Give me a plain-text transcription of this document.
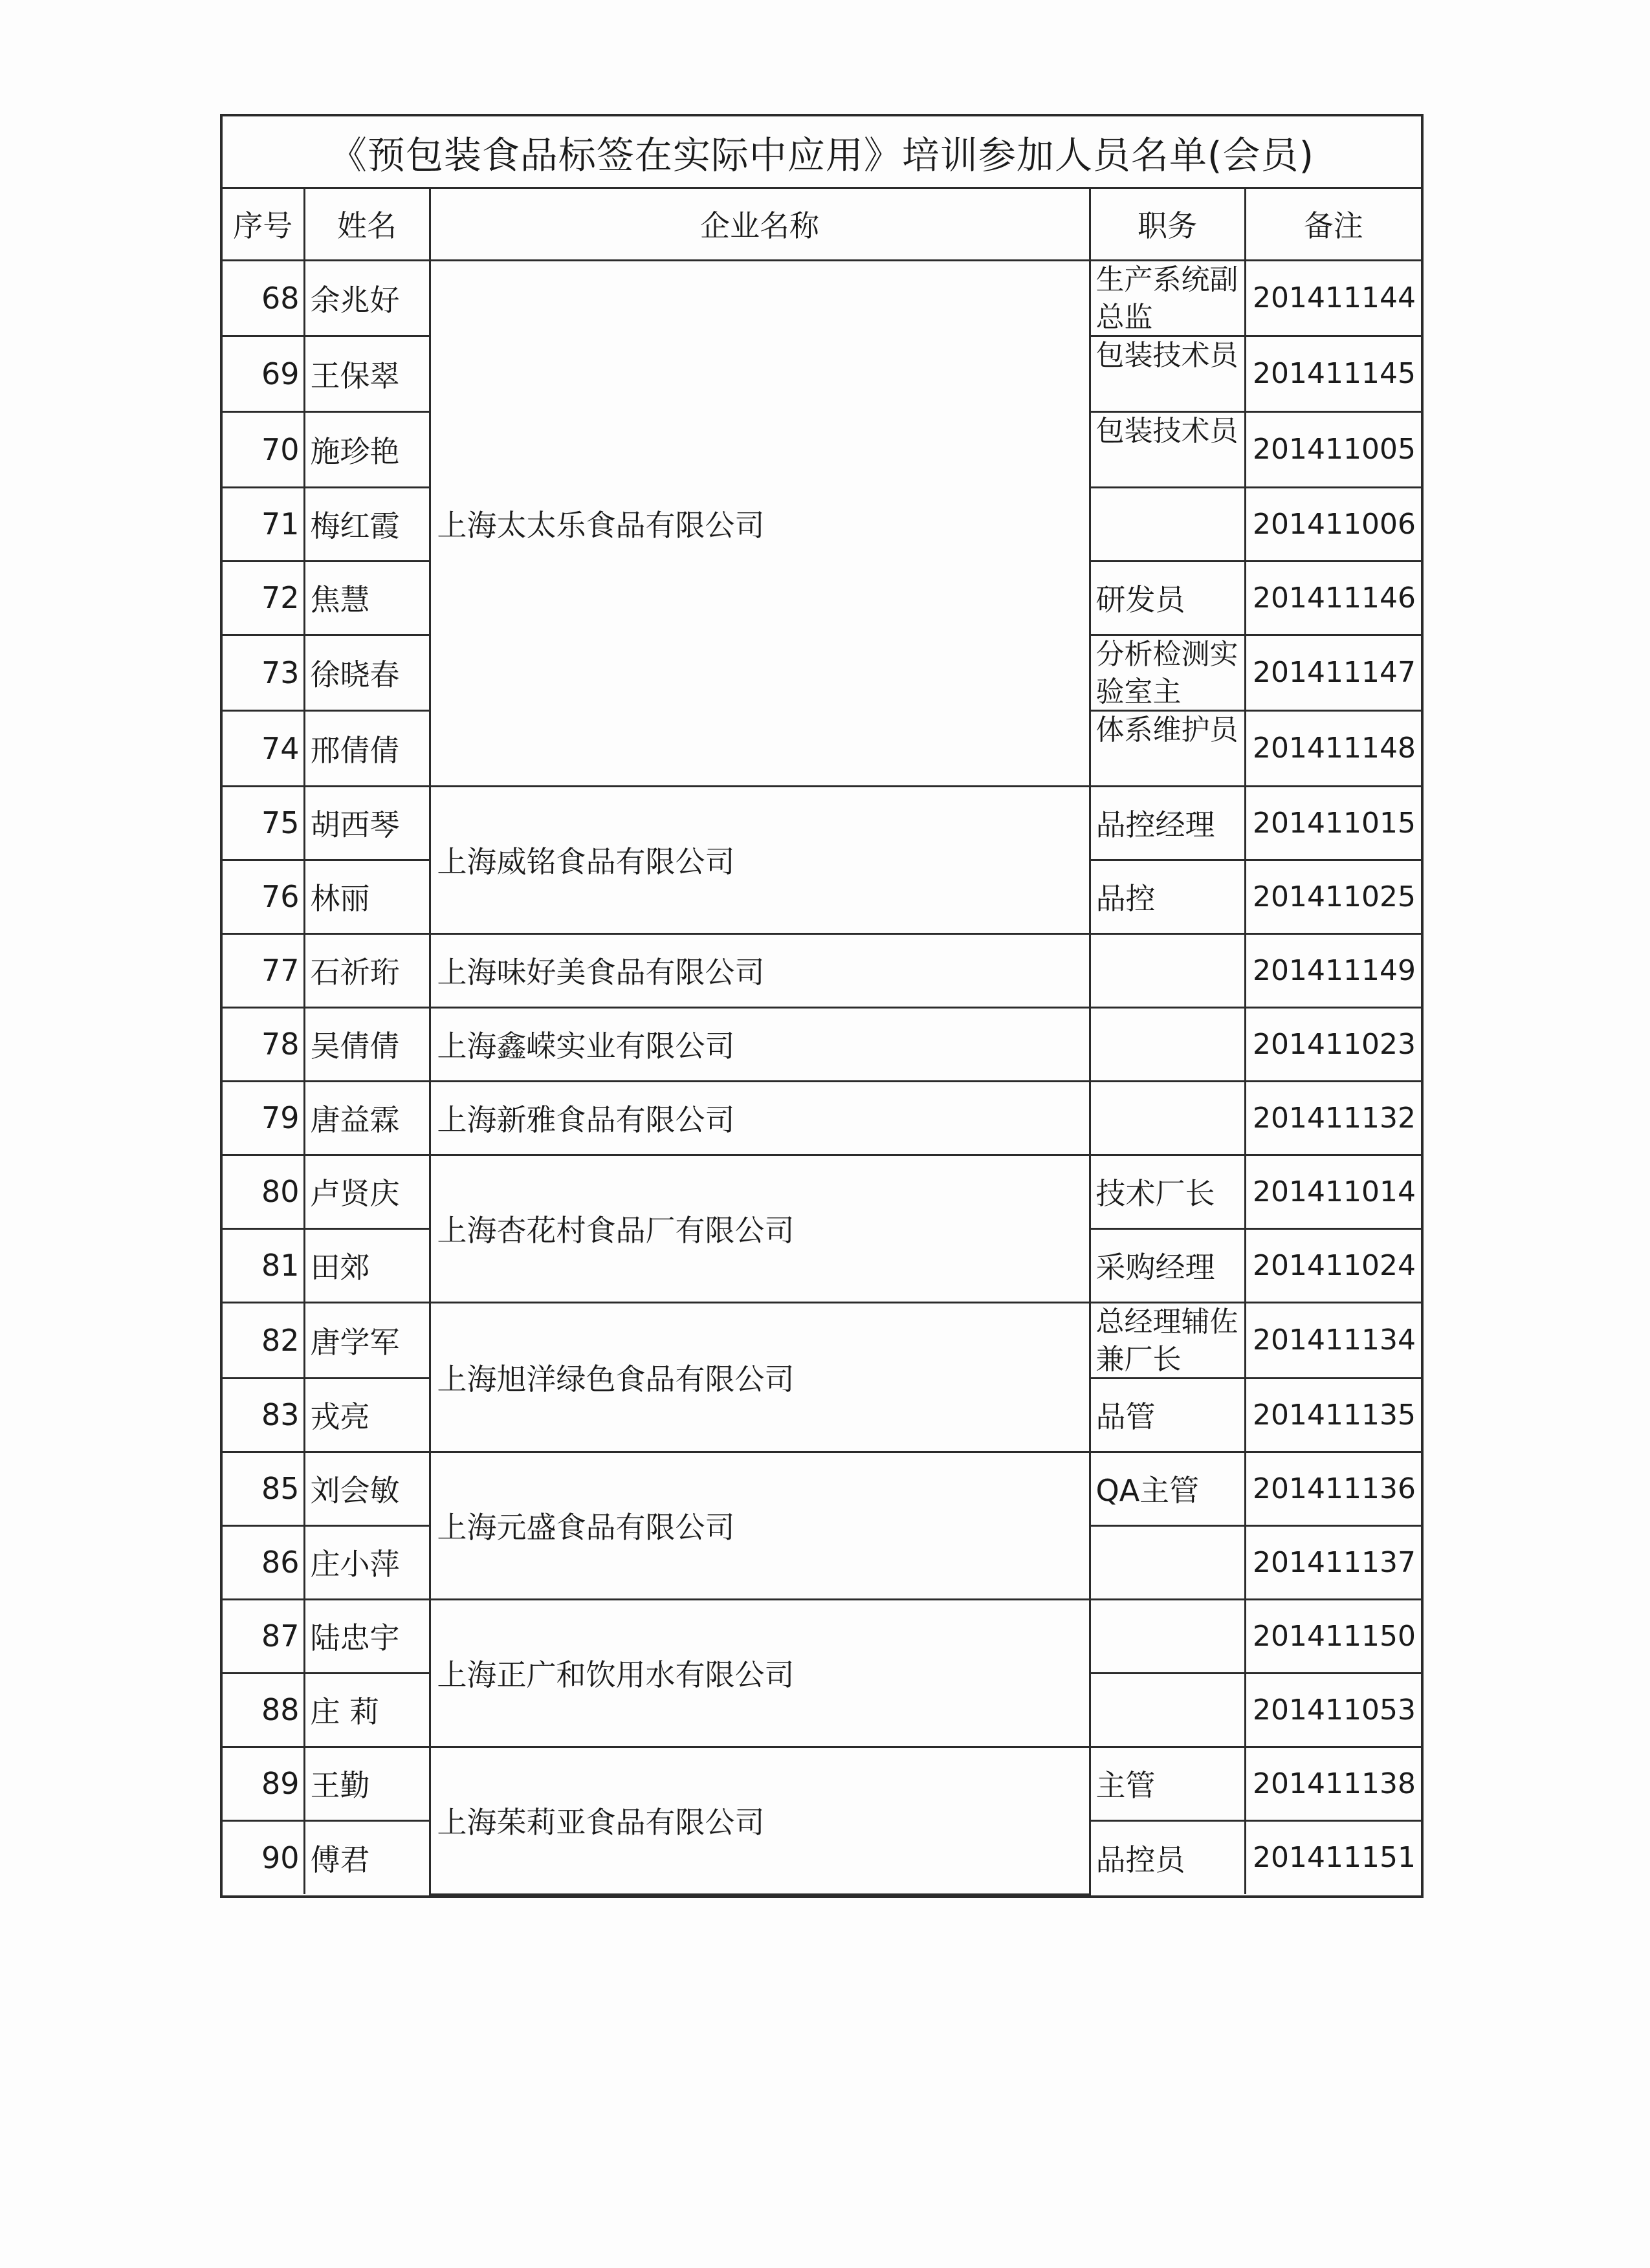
《预包装食品标签在实际中应用》培训参加人员名单(会员)
序号	姓名	企业名称	职务	备注
68	余兆好	上海太太乐食品有限公司	生产系统副总监	201411144
69	王保翠		包装技术员	201411145
70	施珍艳		包装技术员	201411005
71	梅红霞			201411006
72	焦慧		研发员	201411146
73	徐晓春		分析检测实验室主	201411147
74	邢倩倩		体系维护员	201411148
75	胡西琴	上海威铭食品有限公司	品控经理	201411015
76	林丽		品控	201411025
77	石祈珩	上海味好美食品有限公司		201411149
78	吴倩倩	上海鑫嵘实业有限公司		201411023
79	唐益霖	上海新雅食品有限公司		201411132
80	卢贤庆	上海杏花村食品厂有限公司	技术厂长	201411014
81	田郊		采购经理	201411024
82	唐学军	上海旭洋绿色食品有限公司	总经理辅佐兼厂长	201411134
83	戎亮		品管	201411135
85	刘会敏	上海元盛食品有限公司	QA主管	201411136
86	庄小萍			201411137
87	陆忠宇	上海正广和饮用水有限公司		201411150
88	庄 莉			201411053
89	王勤	上海茱莉亚食品有限公司	主管	201411138
90	傅君		品控员	201411151
